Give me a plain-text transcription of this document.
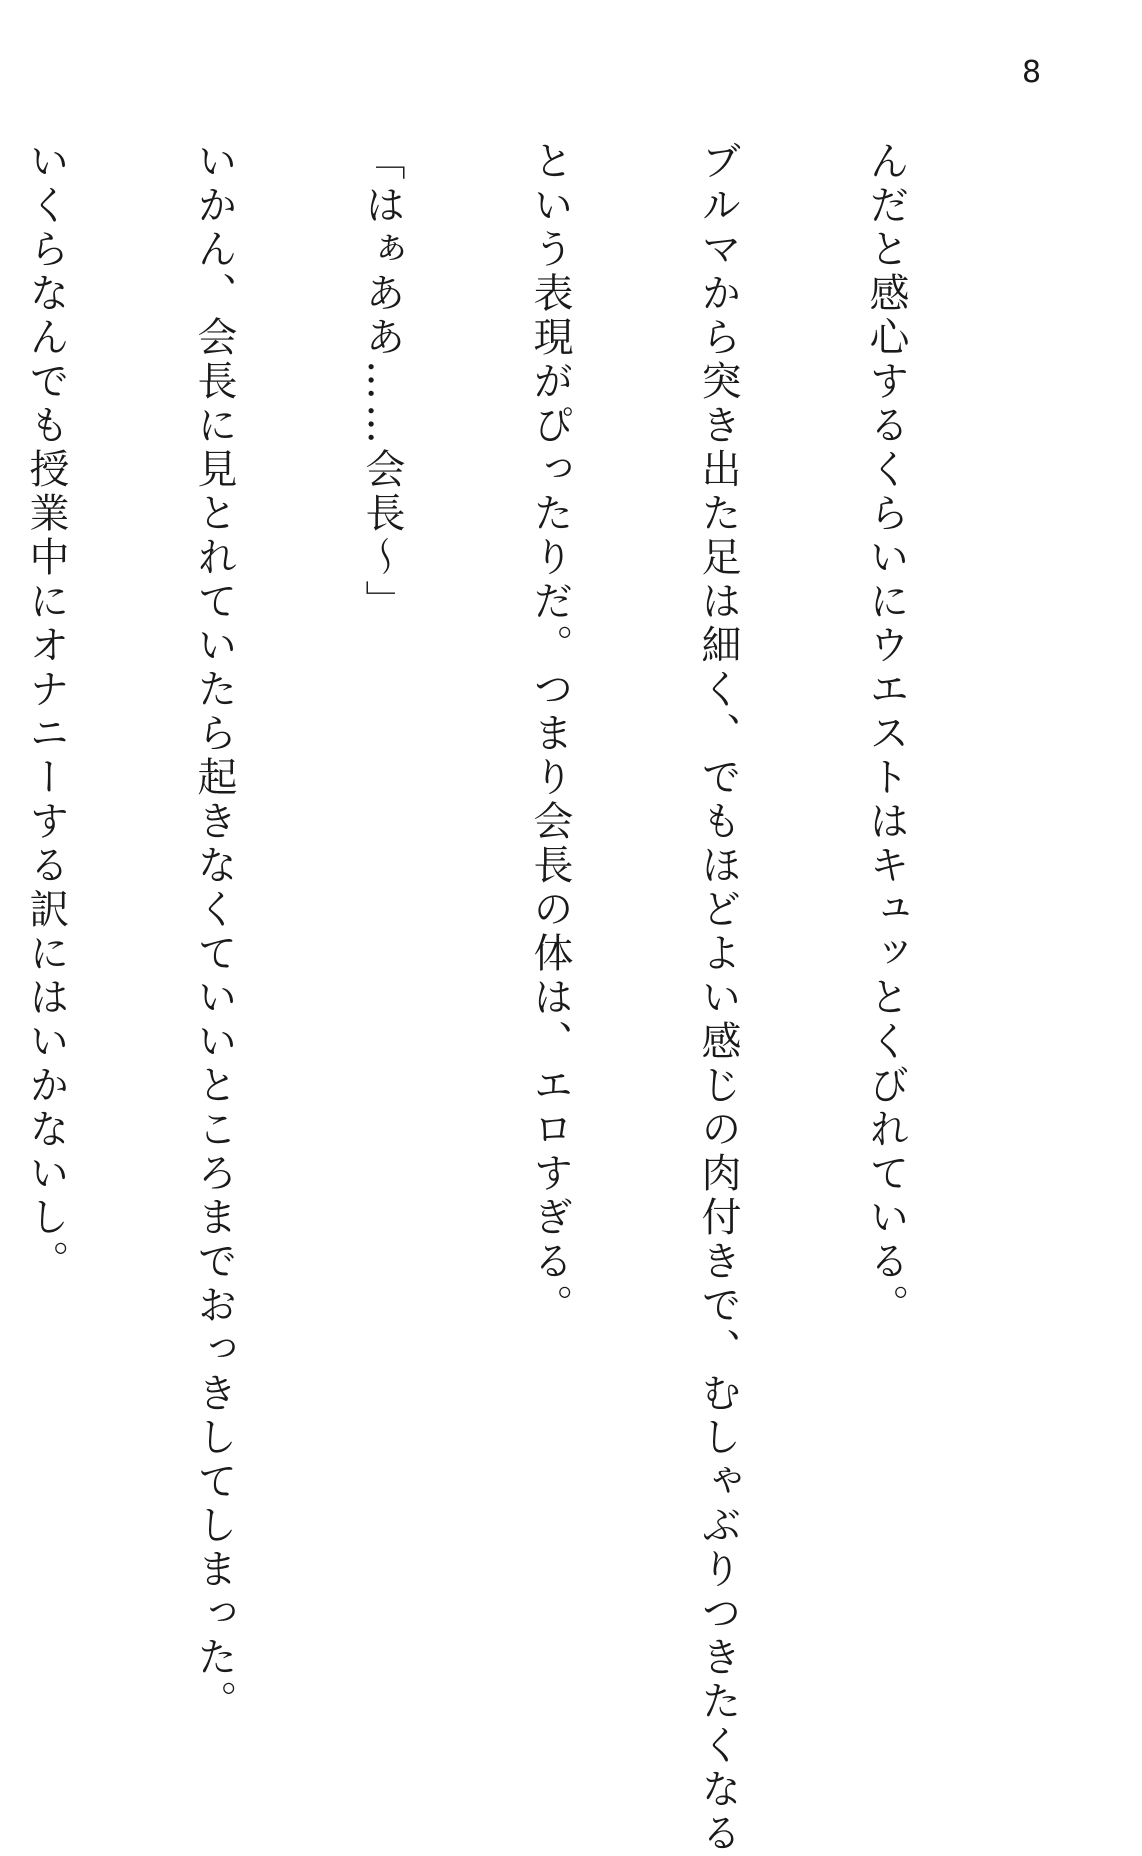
8

んだと感心するくらいにウエストはキュッとくびれている。

ブルマから突き出た足は細く、でもほどよい感じの肉付きで、むしゃぶりつきたくなる

という表現がぴったりだ。つまり会長の体は、エロすぎる。

「はぁああ……会長～」

いかん、会長に見とれていたら起きなくていいところまでおっきしてしまった。

いくらなんでも授業中にオナニーする訳にはいかないし。
